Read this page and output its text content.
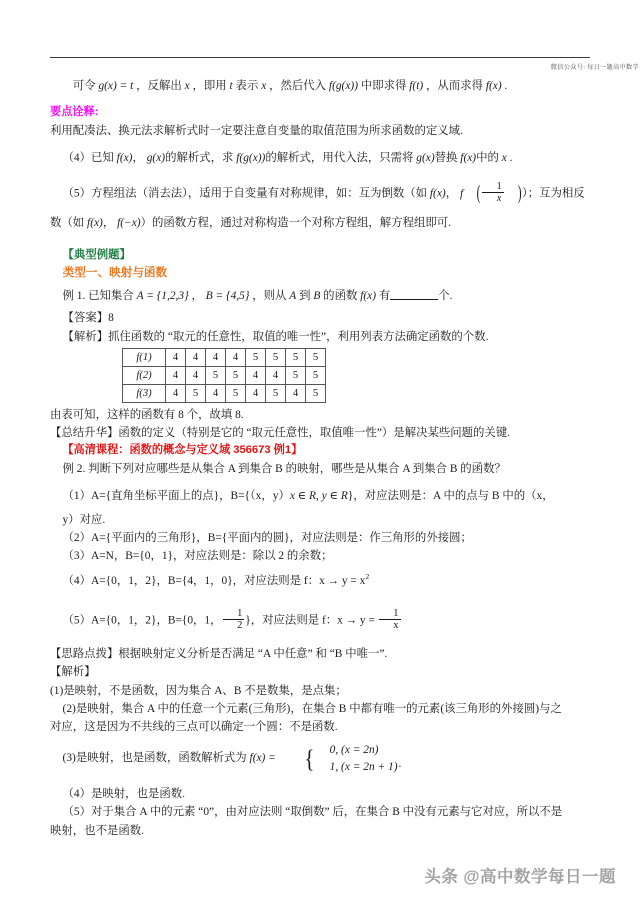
微信公众号: 每日一题高中数学

可令 g(x) = t ，反解出 x ，即用 t 表示 x ，然后代入 f(g(x)) 中即求得 f(t) ，从而求得 f(x) .

要点诠释:

利用配凑法、换元法求解析式时一定要注意自变量的取值范围为所求函数的定义域.

（4）已知 f(x)， g(x)的解析式，求 f(g(x))的解析式，用代入法，只需将 g(x)替换 f(x)中的 x .

（5）方程组法（消去法），适用于自变量有对称规律，如：互为倒数（如 f(x)， f ( $\frac{1}{x}$ )）；互为相反

数（如 f(x)， f(−x)）的函数方程，通过对称构造一个对称方程组，解方程组即可.

【典型例题】

类型一、映射与函数

例 1. 已知集合 A = {1,2,3} ， B = {4,5} ，则从 A 到 B 的函数 f(x) 有	个.

【答案】8

【解析】抓住函数的 “取元的任意性，取值的唯一性”，利用列表方法确定函数的个数.

f(1)	4	4	4	4	5	5	5	5
f(2)	4	4	5	5	4	4	5	5
f(3)	4	5	4	5	4	5	4	5

由表可知，这样的函数有 8 个，故填 8.

【总结升华】函数的定义（特别是它的 “取元任意性，取值唯一性”）是解决某些问题的关键.

【高清课程：函数的概念与定义域 356673 例1】

例 2. 判断下列对应哪些是从集合 A 到集合 B 的映射，哪些是从集合 A 到集合 B 的函数？

（1）A={直角坐标平面上的点}，B={（x，y）x ∈ R, y ∈ R}，对应法则是：A 中的点与 B 中的（x，

y）对应.

（2）A={平面内的三角形}，B={平面内的圆}，对应法则是：作三角形的外接圆；

（3）A=N，B={0，1}，对应法则是：除以 2 的余数；

（4）A={0，1，2}，B={4，1，0}，对应法则是 f：$x \to y = x^2$

（5）A={0，1，2}，B={0，1， $\frac{1}{2}$ }，对应法则是 f：$x \to y = \frac{1}{x}$

【思路点拨】根据映射定义分析是否满足 “A 中任意” 和 “B 中唯一”.

【解析】

(1)是映射，不是函数，因为集合 A、B 不是数集，是点集；

(2)是映射，集合 A 中的任意一个元素(三角形)，在集合 B 中都有唯一的元素(该三角形的外接圆)与之

对应，这是因为不共线的三点可以确定一个圆：不是函数.

(3)是映射，也是函数，函数解析式为 f(x) = {	0, (x = 2n)
1, (x = 2n + 1) .

（4）是映射，也是函数.

（5）对于集合 A 中的元素 “0”，由对应法则 “取倒数” 后，在集合 B 中没有元素与它对应，所以不是

映射，也不是函数.

头条 @高中数学每日一题
